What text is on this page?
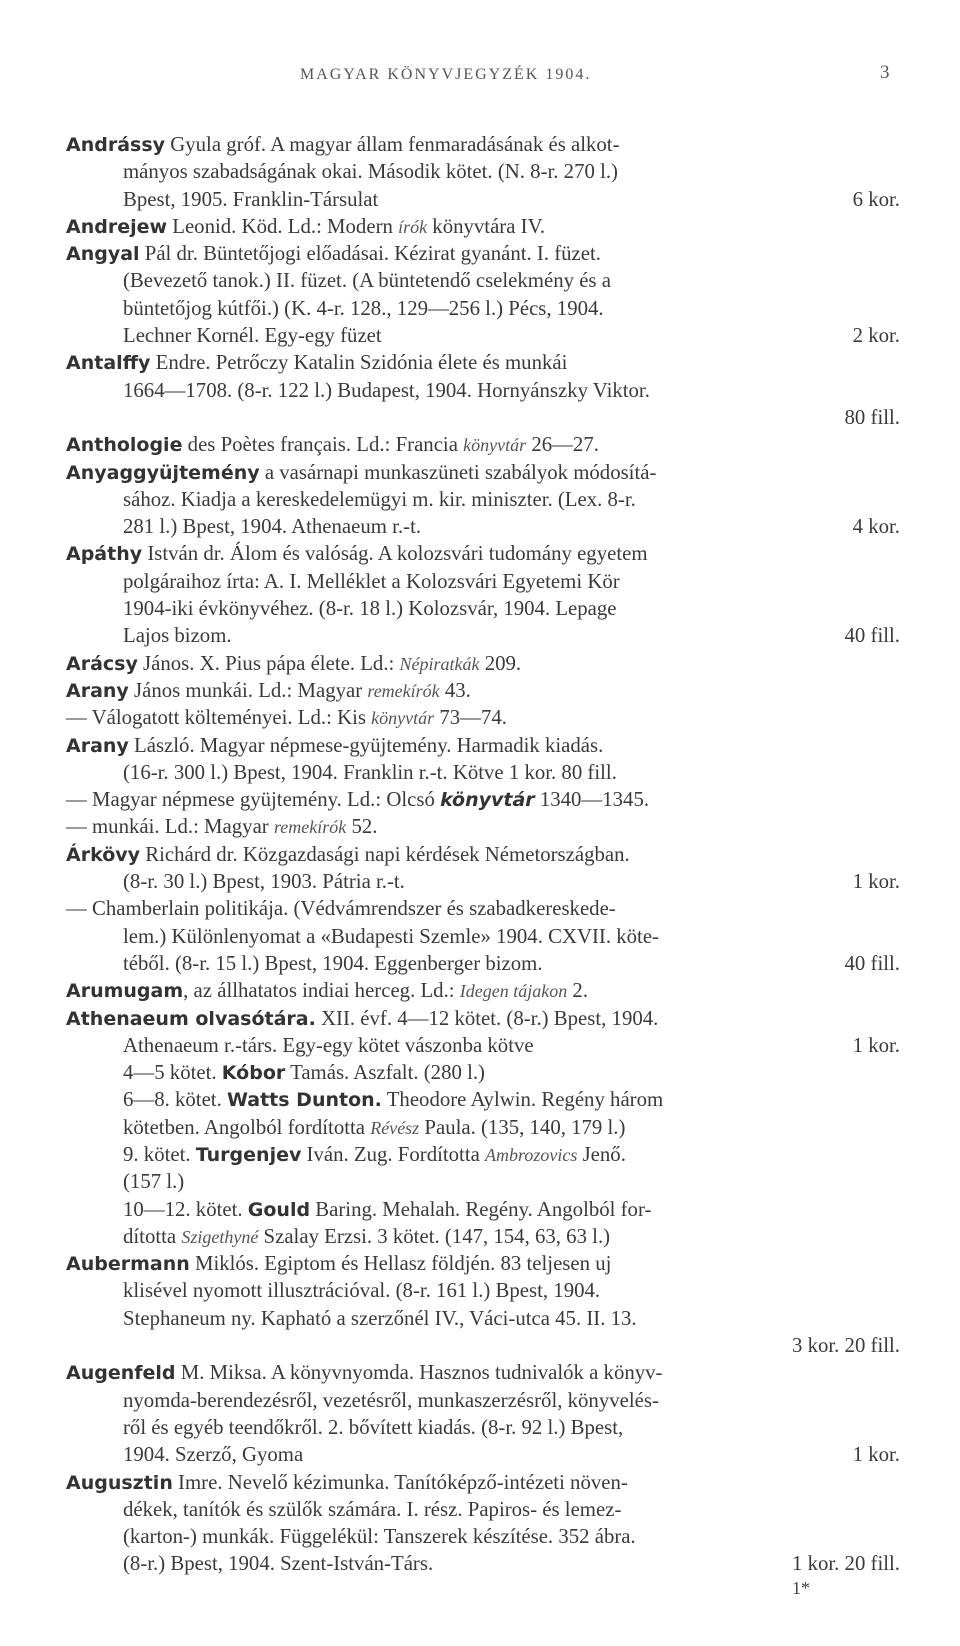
MAGYAR KÖNYVJEGYZÉK 1904.	3
Andrássy Gyula gróf. A magyar állam fenmaradásának és alkot-
mányos szabadságának okai. Második kötet. (N. 8-r. 270 l.)
Bpest, 1905. Franklin-Társulat	6 kor.
Andrejew Leonid. Köd. Ld.: Modern írók könyvtára IV.
Angyal Pál dr. Büntetőjogi előadásai. Kézirat gyanánt. I. füzet.
(Bevezető tanok.) II. füzet. (A büntetendő cselekmény és a
büntetőjog kútfői.) (K. 4-r. 128., 129—256 l.) Pécs, 1904.
Lechner Kornél. Egy-egy füzet	2 kor.
Antalffy Endre. Petrőczy Katalin Szidónia élete és munkái
1664—1708. (8-r. 122 l.) Budapest, 1904. Hornyánszky Viktor.
80 fill.
Anthologie des Poètes français. Ld.: Francia könyvtár 26—27.
Anyaggyüjtemény a vasárnapi munkaszüneti szabályok módosítá-
sához. Kiadja a kereskedelemügyi m. kir. miniszter. (Lex. 8-r.
281 l.) Bpest, 1904. Athenaeum r.-t.	4 kor.
Apáthy István dr. Álom és valóság. A kolozsvári tudomány egyetem
polgáraihoz írta: A. I. Melléklet a Kolozsvári Egyetemi Kör
1904-iki évkönyvéhez. (8-r. 18 l.) Kolozsvár, 1904. Lepage
Lajos bizom.	40 fill.
Arácsy János. X. Pius pápa élete. Ld.: Népiratkák 209.
Arany János munkái. Ld.: Magyar remekírók 43.
— Válogatott költeményei. Ld.: Kis könyvtár 73—74.
Arany László. Magyar népmese-gyüjtemény. Harmadik kiadás.
(16-r. 300 l.) Bpest, 1904. Franklin r.-t. Kötve 1 kor. 80 fill.
— Magyar népmese gyüjtemény. Ld.: Olcsó könyvtár 1340—1345.
— munkái. Ld.: Magyar remekírók 52.
Árkövy Richárd dr. Közgazdasági napi kérdések Németországban.
(8-r. 30 l.) Bpest, 1903. Pátria r.-t.	1 kor.
— Chamberlain politikája. (Védvámrendszer és szabadkereskede-
lem.) Különlenyomat a «Budapesti Szemle» 1904. CXVII. köte-
téből. (8-r. 15 l.) Bpest, 1904. Eggenberger bizom.	40 fill.
Arumugam, az állhatatos indiai herceg. Ld.: Idegen tájakon 2.
Athenaeum olvasótára. XII. évf. 4—12 kötet. (8-r.) Bpest, 1904.
Athenaeum r.-társ. Egy-egy kötet vászonba kötve	1 kor.
4—5 kötet. Kóbor Tamás. Aszfalt. (280 l.)
6—8. kötet. Watts Dunton. Theodore Aylwin. Regény három
kötetben. Angolból fordította Révész Paula. (135, 140, 179 l.)
9. kötet. Turgenjev Iván. Zug. Fordította Ambrozovics Jenő.
(157 l.)
10—12. kötet. Gould Baring. Mehalah. Regény. Angolból for-
dította Szigethyné Szalay Erzsi. 3 kötet. (147, 154, 63, 63 l.)
Aubermann Miklós. Egiptom és Hellasz földjén. 83 teljesen uj
klisével nyomott illusztrációval. (8-r. 161 l.) Bpest, 1904.
Stephaneum ny. Kapható a szerzőnél IV., Váci-utca 45. II. 13.
3 kor. 20 fill.
Augenfeld M. Miksa. A könyvnyomda. Hasznos tudnivalók a könyv-
nyomda-berendezésről, vezetésről, munkaszerzésről, könyvelés-
ről és egyéb teendőkről. 2. bővített kiadás. (8-r. 92 l.) Bpest,
1904. Szerző, Gyoma	1 kor.
Augusztin Imre. Nevelő kézimunka. Tanítóképző-intézeti növen-
dékek, tanítók és szülők számára. I. rész. Papiros- és lemez-
(karton-) munkák. Függelékül: Tanszerek készítése. 352 ábra.
(8-r.) Bpest, 1904. Szent-István-Társ.	1 kor. 20 fill.
1*
